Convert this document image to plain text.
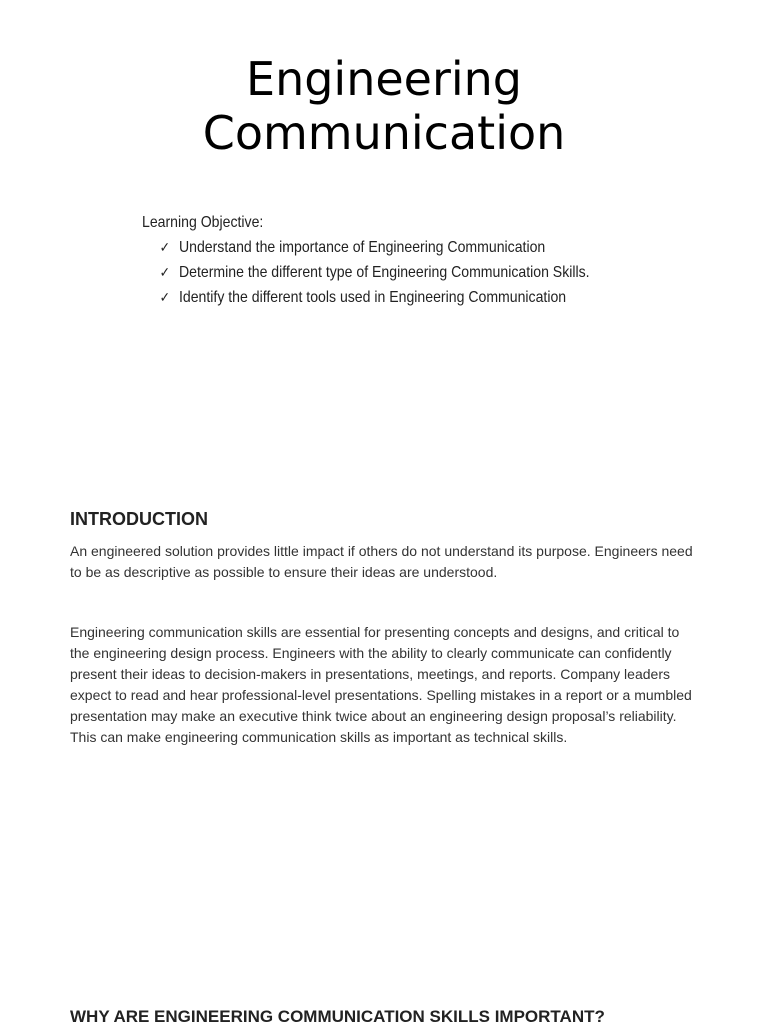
Engineering
Communication
Learning Objective:
✓ Understand the importance of Engineering Communication
✓ Determine the different type of Engineering Communication Skills.
✓ Identify the different tools used in Engineering Communication
INTRODUCTION

An engineered solution provides little impact if others do not understand its purpose. Engineers need to be as descriptive as possible to ensure their ideas are understood.

Engineering communication skills are essential for presenting concepts and designs, and critical to the engineering design process. Engineers with the ability to clearly communicate can confidently present their ideas to decision-makers in presentations, meetings, and reports. Company leaders expect to read and hear professional-level presentations. Spelling mistakes in a report or a mumbled presentation may make an executive think twice about an engineering design proposal’s reliability. This can make engineering communication skills as important as technical skills.

WHY ARE ENGINEERING COMMUNICATION SKILLS IMPORTANT?
